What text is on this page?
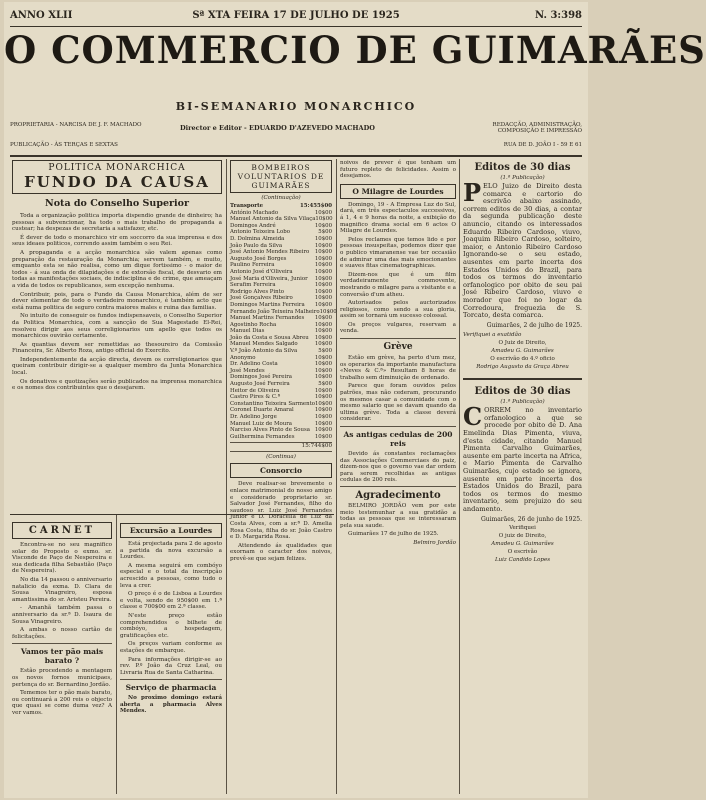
ANNO XLII	Sª XTA FEIRA 17 DE JULHO DE 1925	N. 3:398
O COMMERCIO DE GUIMARÃES
BI-SEMANARIO MONARCHICO
PROPRIETARIA - NARCISA DE J. F. MACHADO	Director e Editor - EDUARDO D'AZEVEDO MACHADO	REDACÇÃO, ADMINISTRAÇÃO, COMPOSIÇÃO E IMPRESSÃO
PUBLICAÇÃO - ÀS TERÇAS E SEXTAS	RUA DE D. JOÃO I - 59 E 61
POLITICA MONARCHICA
FUNDO DA CAUSA
Nota do Conselho Superior
Toda a organização politica importa dispendio grande de dinheiro; ha pessoas a subvencionar, ha todo o mais trabalho de propaganda a custear; ha despezas de secretaria a satisfazer, etc.
É dever de todo o monarchico vir em soccorro da sua imprensa e dos seus ideaes politicos, correndo assim também o seu Rei.
A propaganda e a acção monarchica são valem apenas como preparação da restauração da Monarchia; servem também, e muito, emquanto esta se não realisa, como um dique fortissimo - o maior de todos - á sua onda de dilapidações e de extorsão fiscal, de desvario em todas as manifestações sociaes, de indisciplina e de crime, que ameaçam a vida de todos os republicanos, sem excepção nenhuma.
Contribuir, pois, para o Fundo da Causa Monarchica, além de ser dever elementar de todo o verdadeiro monarchico, é também acto que está numa politica de seguro contra maiores males e ruina das familias.
No intuito de conseguir os fundos indispensaveis, o Conselho Superior da Politica Monarchica, com a sancção de Sua Magestade El-Rei, resolveu dirigir aos seus correligionarios um apello que todos os monarchicos ouvirão certamente.
As quantias devem ser remettidas ao thesoureiro da Comissão Financeira, Sr. Alberto Roza, antigo official do Exercito.
Independentemente da acção directa, devem os correligionarios que queiram contribuir dirigir-se a qualquer membro da Junta Monarchica local.
Os donativos e quotizações serão publicados na imprensa monarchica e os nomes dos contribuintes que o desejarem.
CARNET
Encontra-se no seu magnifico solar do Proposto o exmo. sr. Visconde de Paço de Nespereira e sua dedicada filha Sebastião (Paço de Nespereira).
No dia 14 passou o anniversario natalicio da exma. D. Clara de Sousa Vinagreiro, esposa amantissima do sr. Aristeu Pereira.
- Amanhã também passa o anniversario da sr.ª D. Isaura de Sousa Vinagreiro.
A ambas o nosso cartão de felicitações.
Vamos ter pão mais barato ?
Estão procedendo a mentagem os novos fornos municipaes, pertença do sr. Bernardino Jordão.
Tememos ter o pão mais barato, ou continuará a 200 reis o objecto que quasi se come duma vez? A ver vamos.
Excursão a Lourdes
Está projectada para 2 de agosto a partida da nova excursão a Lourdes.
A mesma seguirá em combóyo especial e o total da inscripção acrescido a pessoas, como tudo o leva a crer.
O preço é o de Lisboa a Lourdes e volta, sendo de 950$00 em 1.ª classe e 700$00 em 2.ª classe.
N'este preço estão comprehendidos o bilhete de combóyo, a hospedagem, gratificações etc.
Os preços variam conforme as estações de embarque.
Para informações dirigir-se ao rev. P.º João da Cruz Leal, ou Livraria Rua de Santa Catharina.
Serviço de pharmacia
No proximo domingo estará aberta a pharmacia Alves Mendes.
BOMBEIROS VOLUNTARIOS DE GUIMARÃES
(Continuação)
Transporte	15:455$00
António Machado	10$00
Manuel Antonio da Silva Vilaça 10$00
Domingos André	10$00
Antonio Teixeira Lobo	5$00
D. Dolmina Almeida	10$00
João Paulo da Silva	10$00
José Antonio Mendes Ribeiro 10$00
Augusto José Borges	10$00
Paulino Ferreira	10$00
Antonio José d'Oliveira	10$00
José Maria d'Oliveira, Junior 10$00
Serafim Ferreira	10$00
Rodrigo Alves Pinto	10$00
José Gonçalves Ribeiro	10$00
Domingos Martins Ferreira 10$00
Fernando João Teixeira Malheiro 10$00
Manuel Martins Fernandes 10$00
Agostinho Rocha	10$00
Manuel Dias	10$00
João da Costa e Sousa Abreu 10$00
Manuel Mendes Salgado	10$00
V.º João Antonio da Silva	5$00
Anonymo	10$00
Dr. Adelino Costa	10$00
José Mendes	10$00
Domingos José Pereira	10$00
Augusto José Ferreira	5$00
Heitor de Oliveira	10$00
Castro Pires & C.ª	10$00
Constantino Teixeira Sarmento 10$00
Coronel Duarte Amaral	10$00
Dr. Adelino Jorge	10$00
Manuel Luiz de Moura	10$00
Narciso Alves Pinto de Sousa 10$00
Guilhermina Fernandes	10$00
15:744$00
(Continua)
Consorcio
Deve realisar-se brevemente o enlace matrimonial do nosso amigo e considerado proprietario sr. Salvador José Fernandes, filho do saudoso sr. Luiz José Fernandes Junior e D. Doracella de Luz da Costa Alves, com a sr.ª D. Amelia Rosa Costa, filha do sr. João Castro e D. Margarida Rosa.
Attendendo ás qualidades que exornam o caracter dos noivos, prevê-se que sejam felizes.
noivos de prever é que tenham um futuro repleto de felicidades. Assim o desejamos.
O Milagre de Lourdes
Domingo, 19 - A Empresa Luz do Sul, dará, em três espectaculos successivos, á 1, 4 e 9 horas da noite, a exibição do magnifico drama social em 6 actos O Milagre de Lourdes.
Pelos reclames que temos lido e por pessoas insuspeitas, podemos dizer que o publico vimaranense vae ter occasião de admirar uma das mais emocionantes e suaves fitas cinematographicas.
Dizem-nos que é um film verdadeiramente commovente, mostrando o milagre para a visitante e a conversão d'um atheu.
Autorisados pelos auctorizados religiosos, como sendo a sua gloria, assim se tornará um sucesso colossal.
Os preços vulgares, reservam a venda.
Grève
Estão em grève, ha perto d'um mez, os operarios da importante manufactura «Neves & C.ª» Resultam 8 horas de trabalho sem diminuição de ordenado.
Parece que foram ouvidos pelos patrões, mas não cederam, procurando os mesmos casar a comunidade com o mesmo salario que se davam quando da ultima grève. Toda a classe deverá considerar.
As antigas cedulas de 200 reis
Devido ás constantes reclamações das Associações Commerciaes do paiz, dizem-nos que o governo vae dar ordem para serem recolhidas as antigas cedulas de 200 reis.
Agradecimento
BELMIRO JORDÃO vem por este meio testemunhar a sua gratidão a todas as pessoas que se interessaram pela sua saude.
Guimarães 17 de julho de 1925.
Belmiro Jordão
Editos de 30 dias
(1.ª Publicação)
PELO Juizo de Direito desta comarca e cartorio do escrivão abaixo assinado, correm editos de 30 dias, a contar da segunda publicação deste anuncio, citando os interessados Eduardo Ribeiro Cardoso, viuvo, Joaquim Ribeiro Cardoso, solteiro, maior, e Antonio Ribeiro Cardoso Ignorando-se o seu estado, ausentes em parte incerta dos Estados Unidos do Brazil, para todos os termos do inventario orfanologico por obito de seu pai José Ribeiro Cardoso, viuvo e morador que foi no logar da Corredoura, freguezia de S. Torcato, desta comarca.
Guimarães, 2 de julho de 1925.
Verifiquei a exatidão
O Juiz de Direito,
Amadeu G. Guimarães
O escrivão do 4.º oficio
Rodrigo Augusto da Graça Abreu
Editos de 30 dias
(1.ª Publicação)
CORREM no inventario orfanologico a que se procede por obito de D. Ana Emelinda Dias Pimenta, viuva, d'esta cidade, citando Manuel Pimenta Carvalho Guimarães, ausente em parte incerta na Africa, e Mario Pimenta de Carvalho Guimarães, cujo estado se ignora, ausente em parte incerta dos Estados Unidos do Brazil, para todos os termos do mesmo inventario, sem prejuizo do seu andamento.
Guimarães, 26 de junho de 1925.
Verifiquei
O juiz de Direito,
Amadeu G. Guimarães
O escrivão
Luiz Candido Lopes
